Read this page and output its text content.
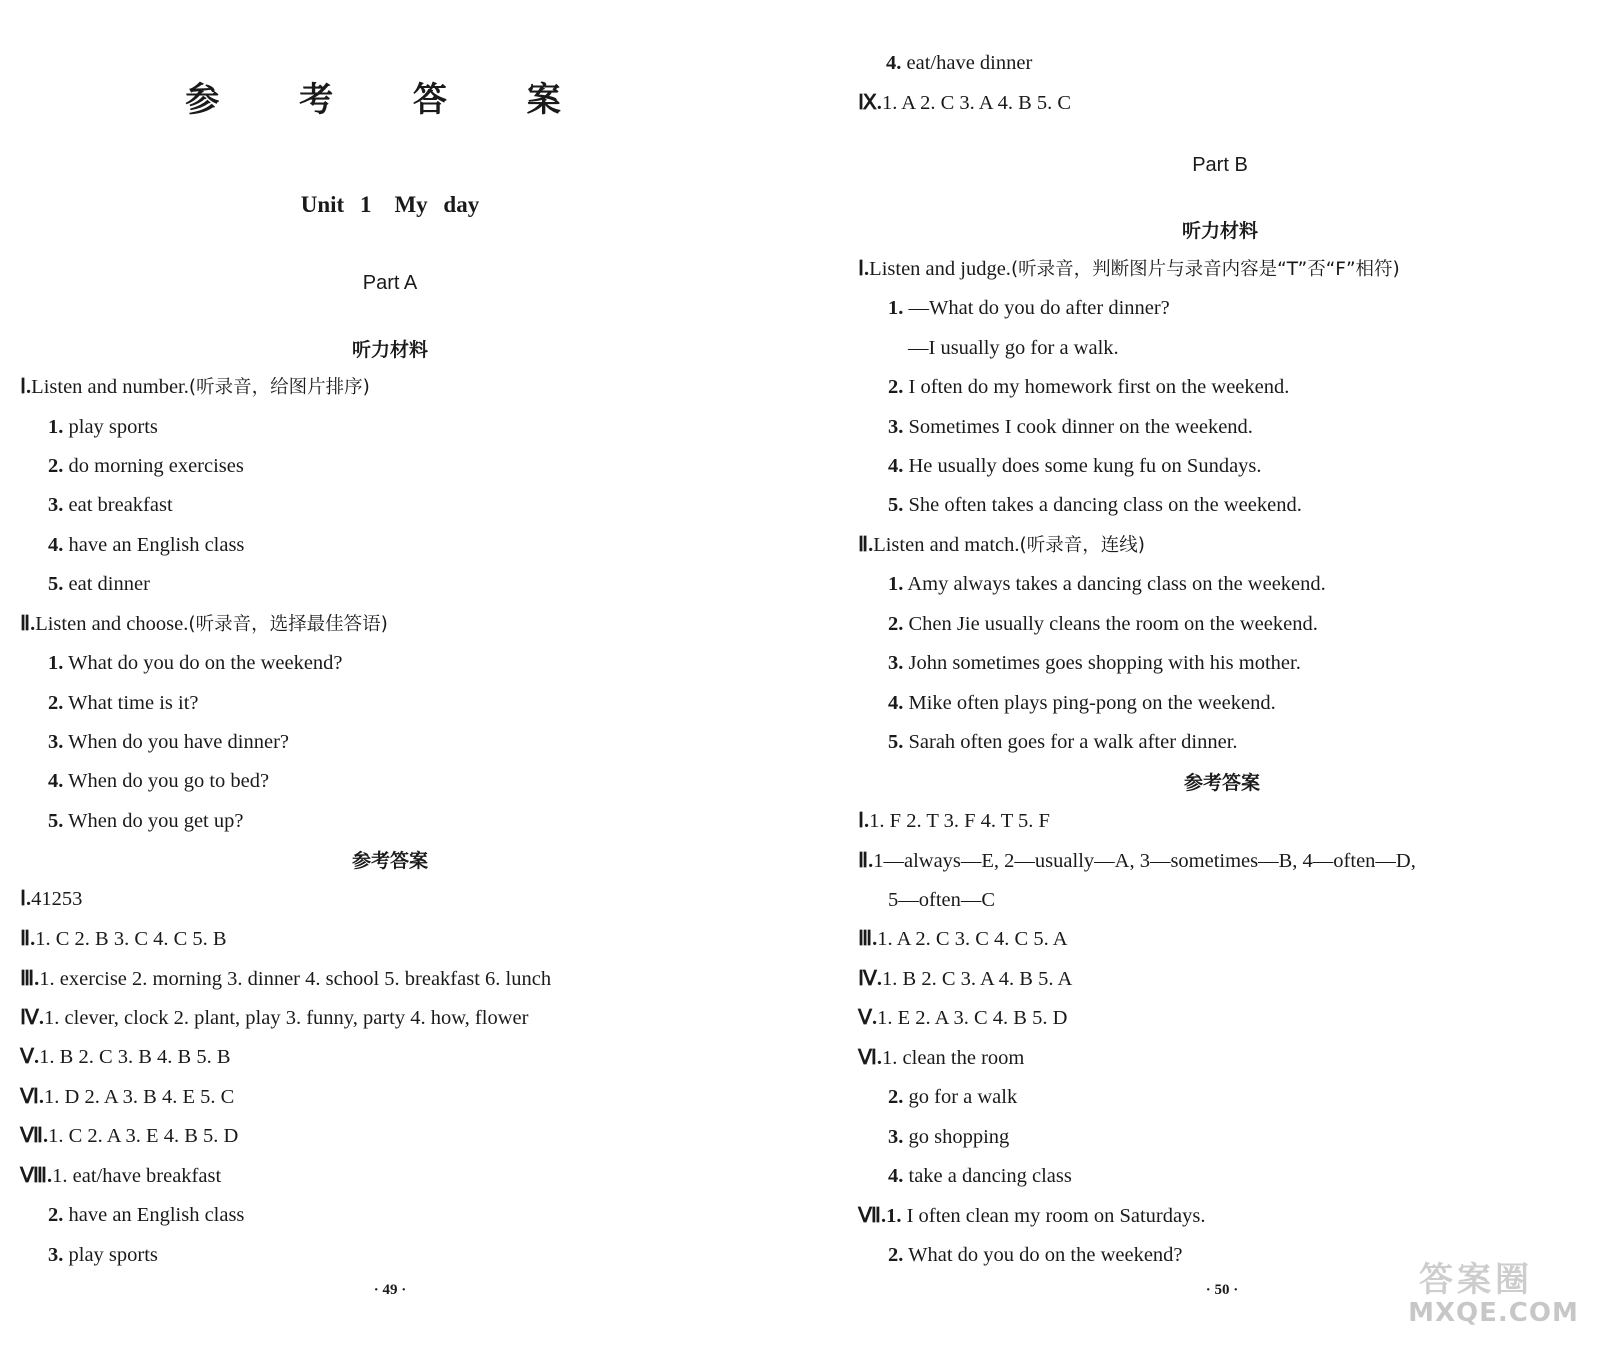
参 考 答 案
Unit 1　My day
Part A
听力材料
Ⅰ.Listen and number.(听录音，给图片排序)
1. play sports
2. do morning exercises
3. eat breakfast
4. have an English class
5. eat dinner
Ⅱ.Listen and choose.(听录音，选择最佳答语)
1. What do you do on the weekend?
2. What time is it?
3. When do you have dinner?
4. When do you go to bed?
5. When do you get up?
参考答案
Ⅰ.41253
Ⅱ.1. C 2. B 3. C 4. C 5. B
Ⅲ.1. exercise 2. morning 3. dinner 4. school 5. breakfast 6. lunch
Ⅳ.1. clever, clock 2. plant, play 3. funny, party 4. how, flower
Ⅴ.1. B 2. C 3. B 4. B 5. B
Ⅵ.1. D 2. A 3. B 4. E 5. C
Ⅶ.1. C 2. A 3. E 4. B 5. D
Ⅷ.1. eat/have breakfast
2. have an English class
3. play sports
· 49 ·
4. eat/have dinner
Ⅸ.1. A 2. C 3. A 4. B 5. C
Part B
听力材料
Ⅰ.Listen and judge.(听录音，判断图片与录音内容是“T”否“F”相符)
1. —What do you do after dinner?
—I usually go for a walk.
2. I often do my homework first on the weekend.
3. Sometimes I cook dinner on the weekend.
4. He usually does some kung fu on Sundays.
5. She often takes a dancing class on the weekend.
Ⅱ.Listen and match.(听录音，连线)
1. Amy always takes a dancing class on the weekend.
2. Chen Jie usually cleans the room on the weekend.
3. John sometimes goes shopping with his mother.
4. Mike often plays ping-pong on the weekend.
5. Sarah often goes for a walk after dinner.
参考答案
Ⅰ.1. F 2. T 3. F 4. T 5. F
Ⅱ.1—always—E, 2—usually—A, 3—sometimes—B, 4—often—D,
5—often—C
Ⅲ.1. A 2. C 3. C 4. C 5. A
Ⅳ.1. B 2. C 3. A 4. B 5. A
Ⅴ.1. E 2. A 3. C 4. B 5. D
Ⅵ.1. clean the room
2. go for a walk
3. go shopping
4. take a dancing class
Ⅶ.1. I often clean my room on Saturdays.
2. What do you do on the weekend?
· 50 ·	答案圈
MXQE.COM
